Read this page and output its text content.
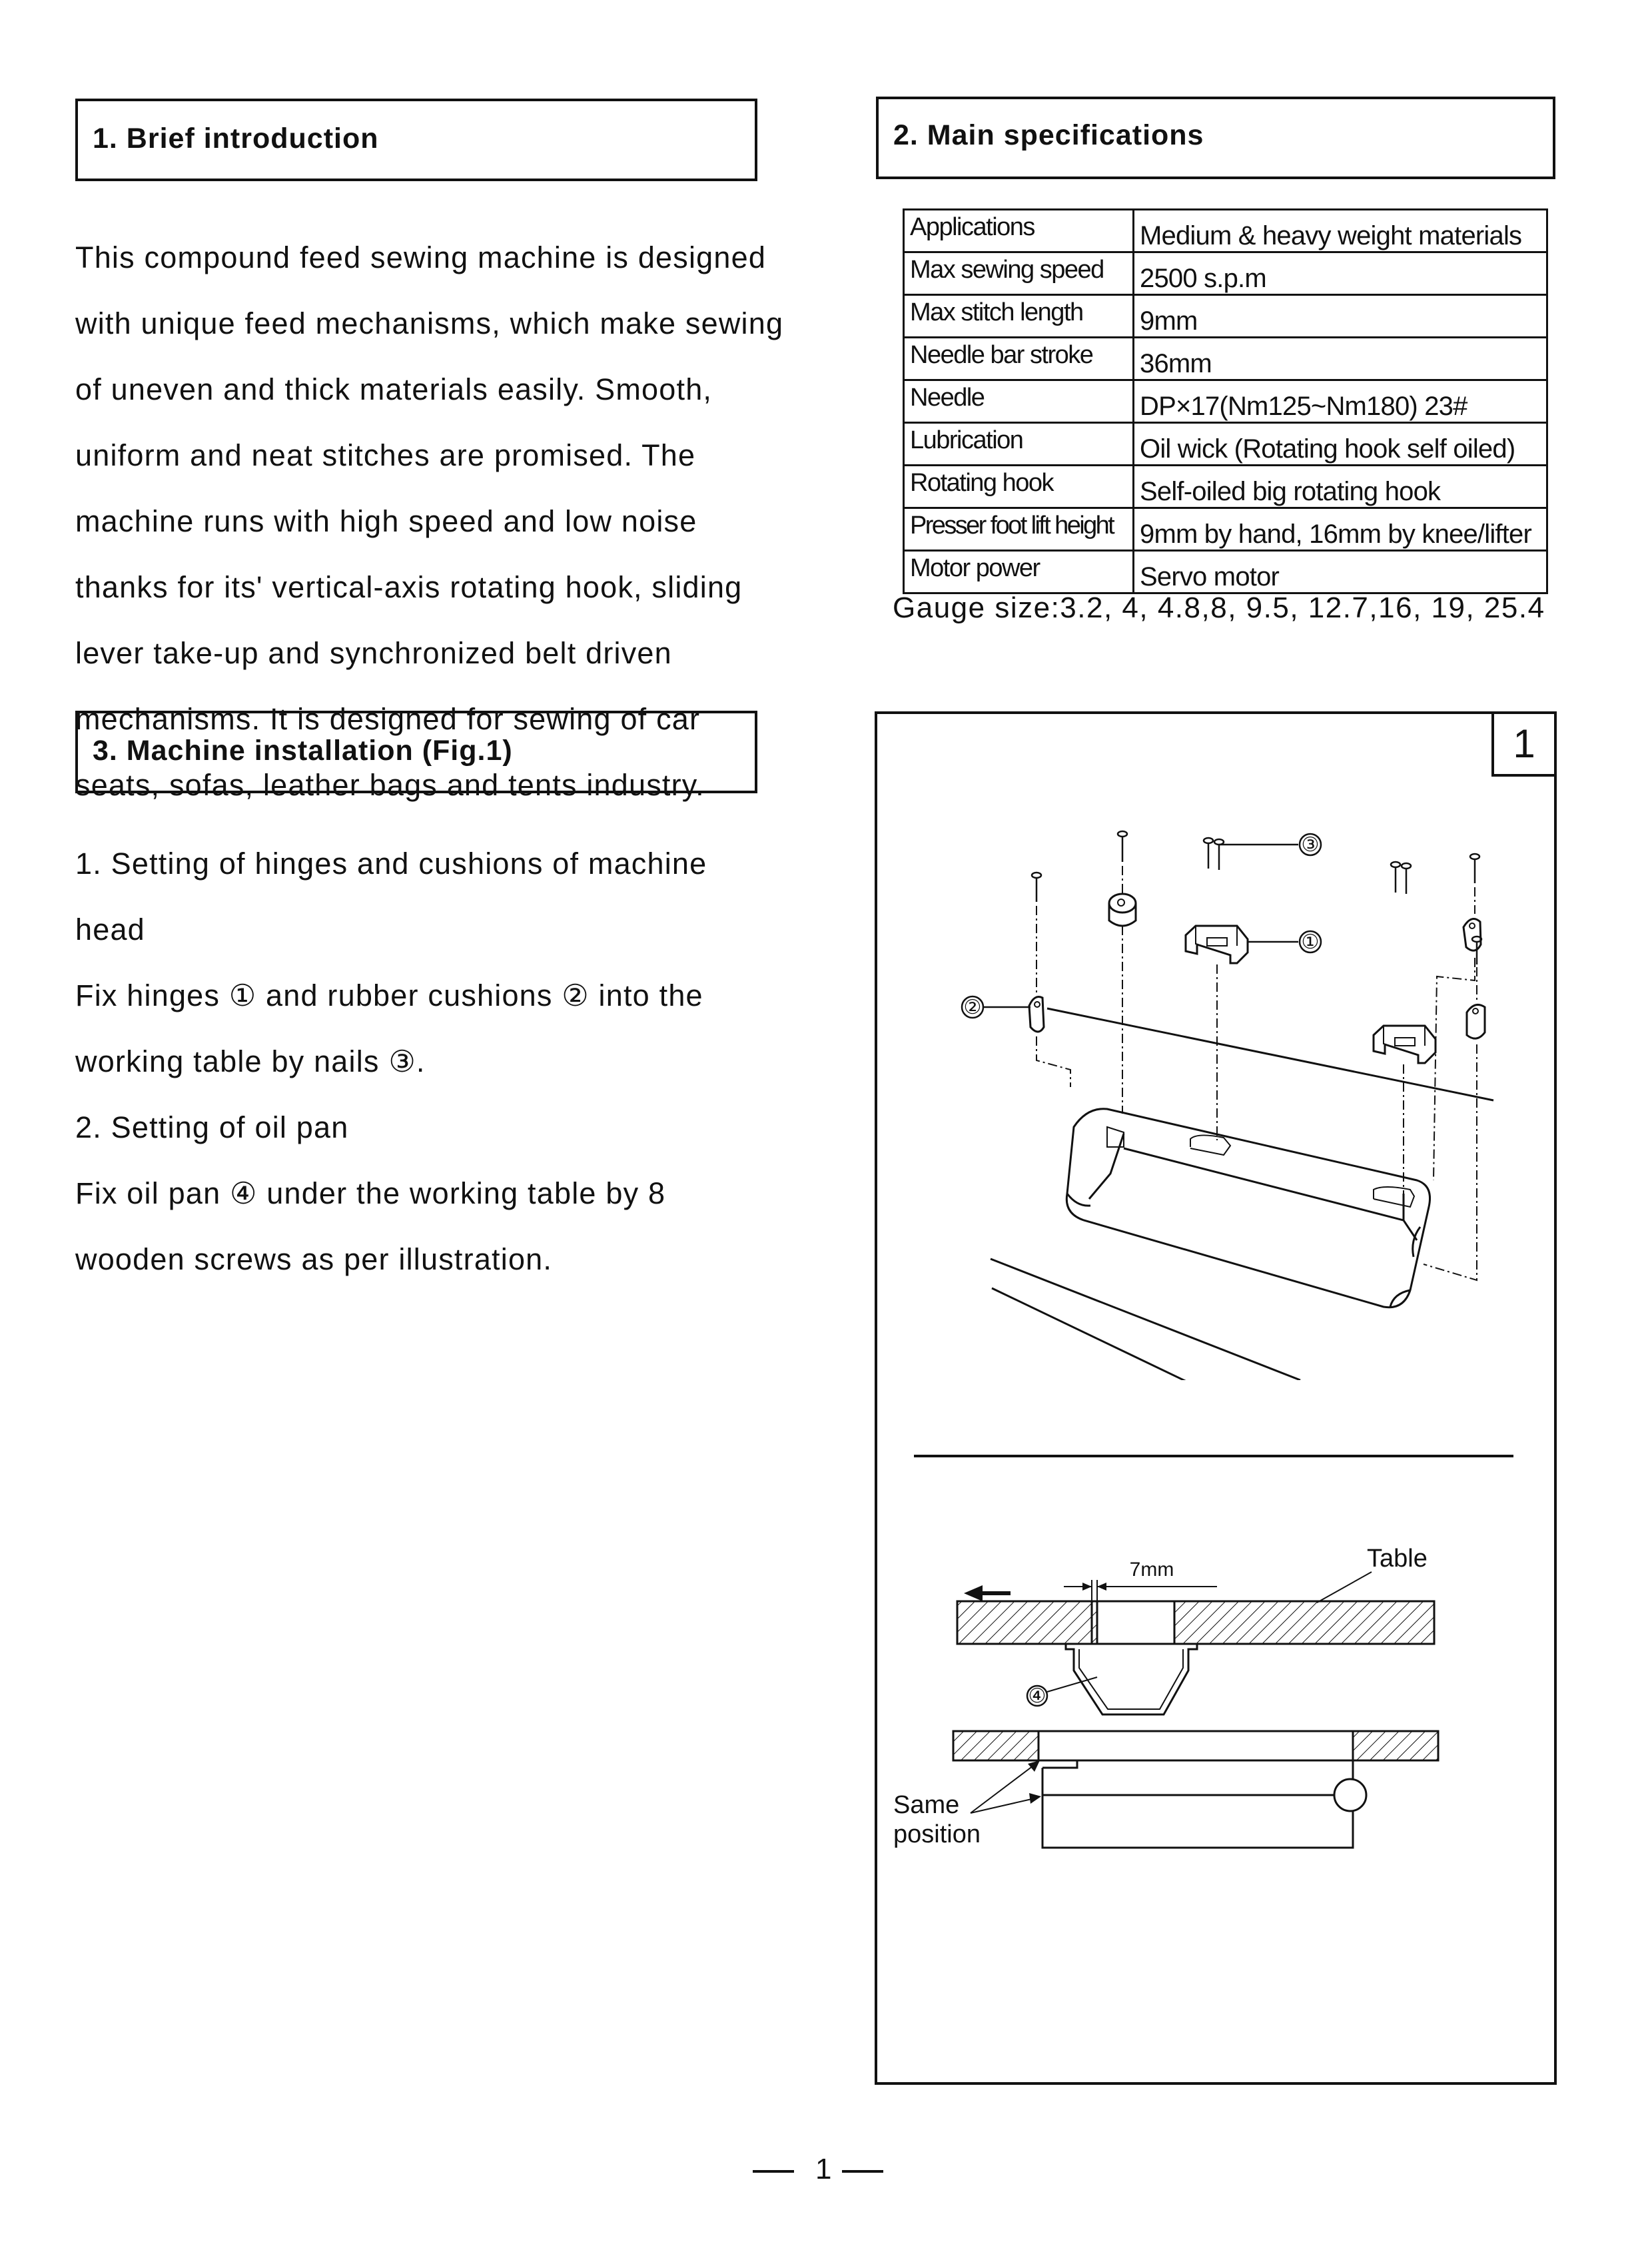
1. Brief introduction

This compound feed sewing machine is designed

with unique feed mechanisms, which make sewing

of uneven and thick materials easily. Smooth,

uniform and neat stitches are promised. The

machine runs with high speed and low noise

thanks for its' vertical-axis rotating hook, sliding

lever take-up and synchronized belt driven

mechanisms. It is designed for sewing of car

seats, sofas, leather bags and tents industry.

2. Main specifications
Applications	Medium & heavy weight materials
Max sewing speed	2500 s.p.m
Max stitch length	9mm
Needle bar stroke	36mm
Needle	DP×17(Nm125~Nm180) 23#
Lubrication	Oil wick (Rotating hook self oiled)
Rotating hook	Self-oiled big rotating hook
Presser foot lift height	9mm by hand, 16mm by knee/lifter
Motor power	Servo motor
Gauge size:3.2, 4, 4.8,8, 9.5, 12.7,16, 19, 25.4
3. Machine installation (Fig.1)

1. Setting of hinges and cushions of machine

head

Fix hinges ① and rubber cushions ② into the

working table by nails ③.

2. Setting of oil pan

Fix oil pan ④ under the working table by 8

wooden screws as per illustration.

1
③
①
②
7mm	Table
④
Same
position
1
